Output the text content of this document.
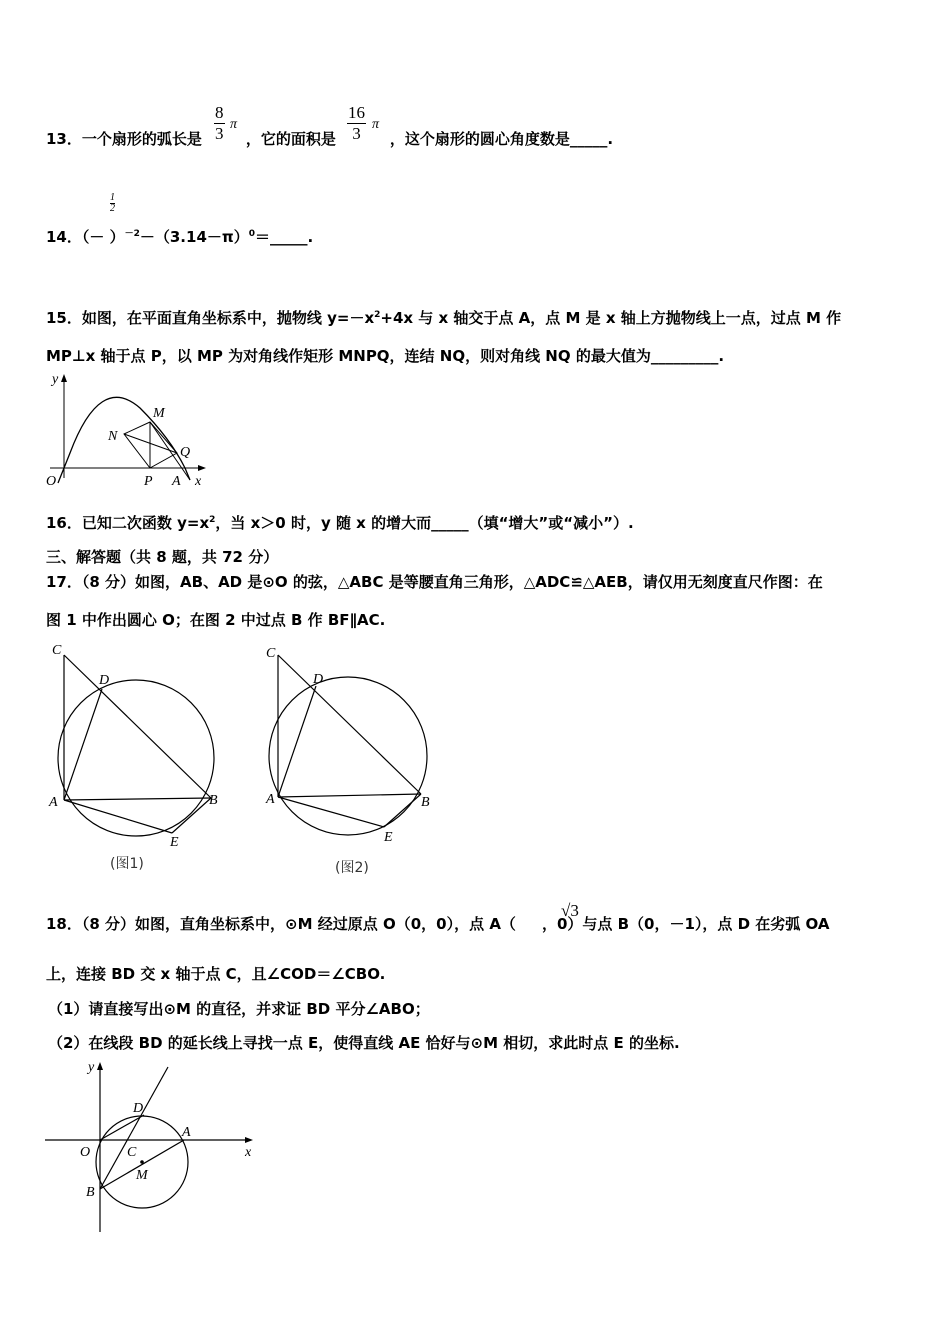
13．一个扇形的弧长是	，它的面积是	，这个扇形的圆心角度数是_____.
$\frac{8}{3}$ π	$\frac{16}{3}$ π
$\frac{1}{2}$
14．（－ ）$^{-2}-(3.14-\pi)^0=\_\_\_\_\_$.
15．如图，在平面直角坐标系中，抛物线 $y=-x^2+4x$ 与 x 轴交于点 A，点 M 是 x 轴上方抛物线上一点，过点 M 作
MP⊥x 轴于点 P，以 MP 为对角线作矩形 MNPQ，连结 NQ，则对角线 NQ 的最大值为_________.
y
M
N
Q
O	P A x
16．已知二次函数 $y=x^2$，当 x＞0 时，y 随 x 的增大而_____（填“增大”或“减小”）.
三、解答题（共 8 题，共 72 分）
17．（8 分）如图，AB、AD 是⊙O 的弦，△ABC 是等腰直角三角形，△ADC≌△AEB，请仅用无刻度直尺作图：在
图 1 中作出圆心 O；在图 2 中过点 B 作 BF∥AC.
C
D
A	B
E
(图1)
C
D
A	B
E
(图2)
18．（8 分）如图，直角坐标系中，⊙M 经过原点 O（0，0），点 A（ ，0）与点 B（0，－1），点 D 在劣弧 OA
√3
上，连接 BD 交 x 轴于点 C，且∠COD＝∠CBO.
（1）请直接写出⊙M 的直径，并求证 BD 平分∠ABO；
（2）在线段 BD 的延长线上寻找一点 E，使得直线 AE 恰好与⊙M 相切，求此时点 E 的坐标.
y
D
A
O	C	x
M
B
